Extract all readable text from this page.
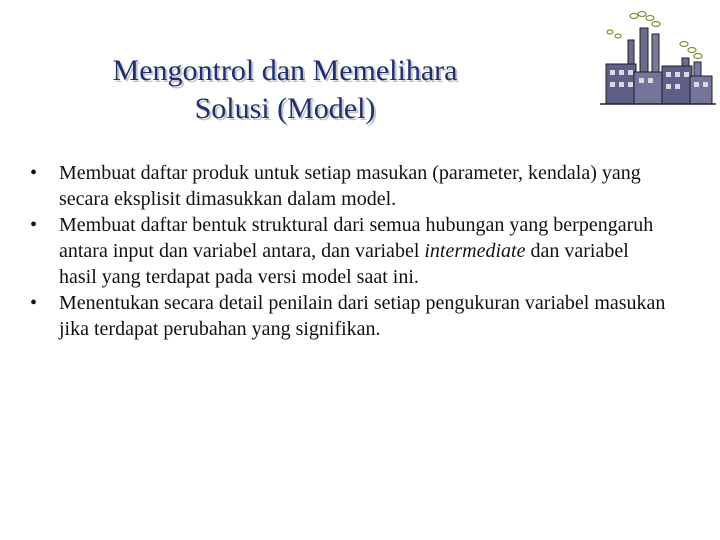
Mengontrol dan Memelihara
Solusi (Model)
• Membuat daftar produk untuk setiap masukan (parameter, kendala) yang secara eksplisit dimasukkan dalam model.
• Membuat daftar bentuk struktural dari semua hubungan yang berpengaruh antara input dan variabel antara, dan variabel intermediate dan variabel hasil yang terdapat pada versi model saat ini.
• Menentukan secara detail penilain dari setiap pengukuran variabel masukan jika terdapat perubahan yang signifikan.
